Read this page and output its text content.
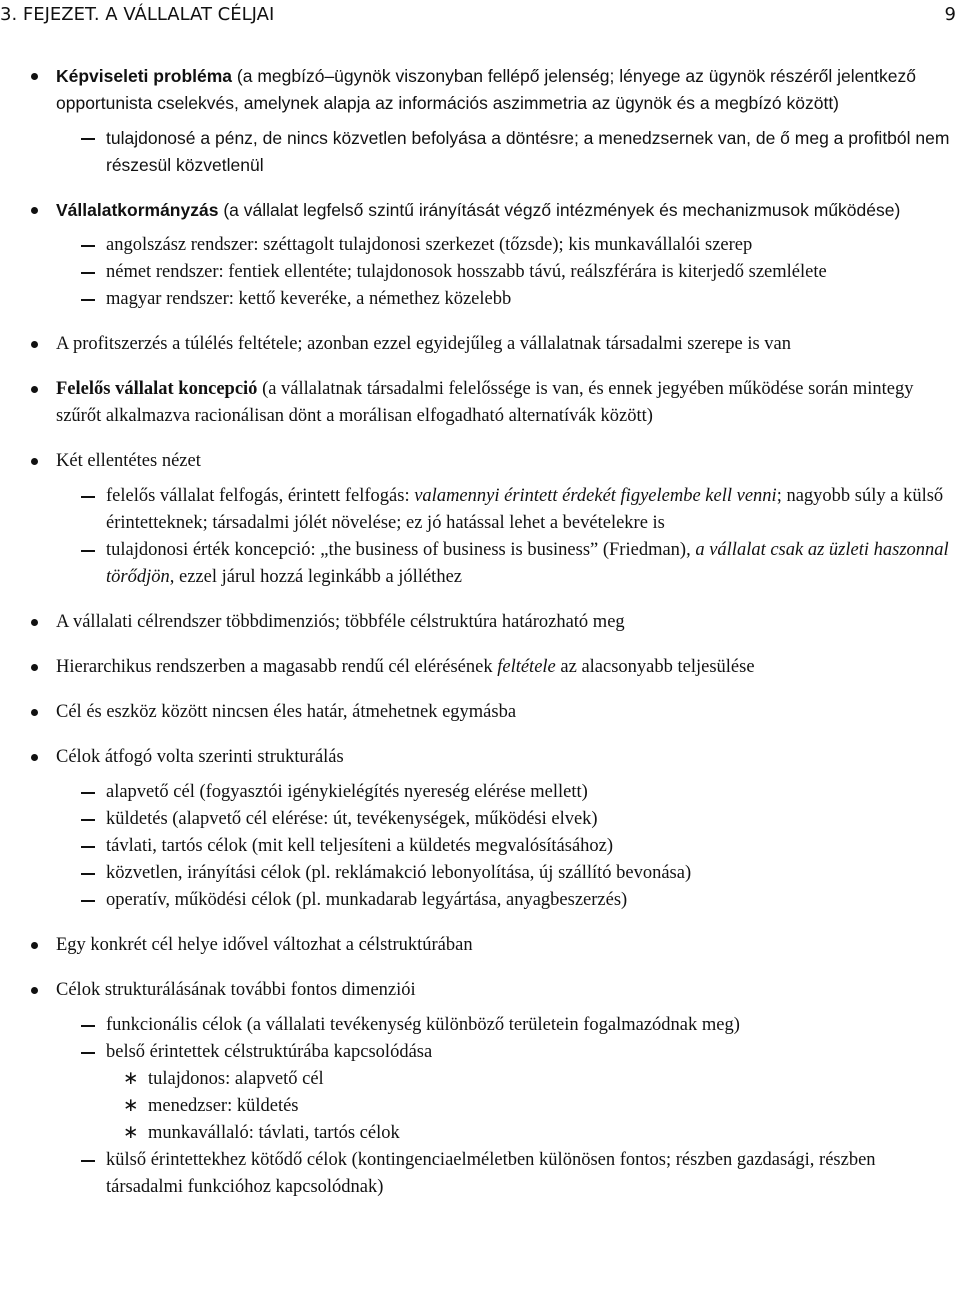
3. FEJEZET. A VÁLLALAT CÉLJAI	9
Képviseleti probléma (a megbízó–ügynök viszonyban fellépő jelenség; lényege az ügynök részéről jelentkező opportunista cselekvés, amelynek alapja az információs aszimmetria az ügynök és a megbízó között)
tulajdonosé a pénz, de nincs közvetlen befolyása a döntésre; a menedzsernek van, de ő meg a profitból nem részesül közvetlenül
Vállalatkormányzás (a vállalat legfelső szintű irányítását végző intézmények és mechanizmusok működése)
angolszász rendszer: széttagolt tulajdonosi szerkezet (tőzsde); kis munkavállalói szerep
német rendszer: fentiek ellentéte; tulajdonosok hosszabb távú, reálszférára is kiterjedő szemlélete
magyar rendszer: kettő keveréke, a némethez közelebb
A profitszerzés a túlélés feltétele; azonban ezzel egyidejűleg a vállalatnak társadalmi szerepe is van
Felelős vállalat koncepció (a vállalatnak társadalmi felelőssége is van, és ennek jegyében működése során mintegy szűrőt alkalmazva racionálisan dönt a morálisan elfogadható alternatívák között)
Két ellentétes nézet
felelős vállalat felfogás, érintett felfogás: valamennyi érintett érdekét figyelembe kell venni; nagyobb súly a külső érintetteknek; társadalmi jólét növelése; ez jó hatással lehet a bevételekre is
tulajdonosi érték koncepció: „the business of business is business” (Friedman), a vállalat csak az üzleti haszonnal törődjön, ezzel járul hozzá leginkább a jólléthez
A vállalati célrendszer többdimenziós; többféle célstruktúra határozható meg
Hierarchikus rendszerben a magasabb rendű cél elérésének feltétele az alacsonyabb teljesülése
Cél és eszköz között nincsen éles határ, átmehetnek egymásba
Célok átfogó volta szerinti strukturálás
alapvető cél (fogyasztói igénykielégítés nyereség elérése mellett)
küldetés (alapvető cél elérése: út, tevékenységek, működési elvek)
távlati, tartós célok (mit kell teljesíteni a küldetés megvalósításához)
közvetlen, irányítási célok (pl. reklámakció lebonyolítása, új szállító bevonása)
operatív, működési célok (pl. munkadarab legyártása, anyagbeszerzés)
Egy konkrét cél helye idővel változhat a célstruktúrában
Célok strukturálásának további fontos dimenziói
funkcionális célok (a vállalati tevékenység különböző területein fogalmazódnak meg)
belső érintettek célstruktúrába kapcsolódása
∗ tulajdonos: alapvető cél
∗ menedzser: küldetés
∗ munkavállaló: távlati, tartós célok
külső érintettekhez kötődő célok (kontingenciaelméletben különösen fontos; részben gazdasági, részben társadalmi funkcióhoz kapcsolódnak)
